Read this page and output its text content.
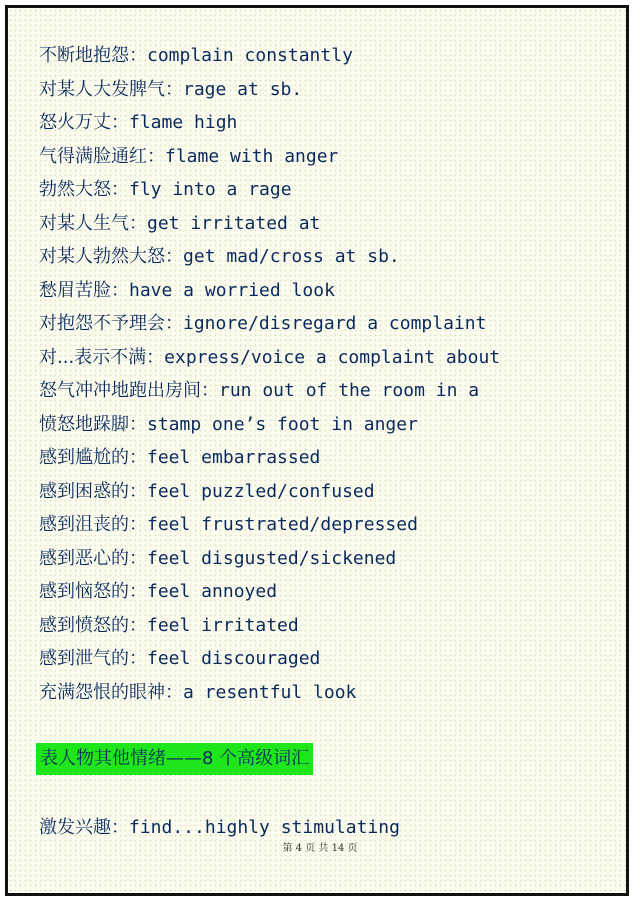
不断地抱怨：complain constantly
对某人大发脾气：rage at sb.
怒火万丈：flame high
气得满脸通红：flame with anger
勃然大怒：fly into a rage
对某人生气：get irritated at
对某人勃然大怒：get mad/cross at sb.
愁眉苦脸：have a worried look
对抱怨不予理会：ignore/disregard a complaint
对...表示不满：express/voice a complaint about
怒气冲冲地跑出房间：run out of the room in a
愤怒地跺脚：stamp one’s foot in anger
感到尴尬的：feel embarrassed
感到困惑的：feel puzzled/confused
感到沮丧的：feel frustrated/depressed
感到恶心的：feel disgusted/sickened
感到恼怒的：feel annoyed
感到愤怒的：feel irritated
感到泄气的：feel discouraged
充满怨恨的眼神：a resentful look
表人物其他情绪——8 个高级词汇
激发兴趣：find...highly stimulating
第 4 页 共 14 页
